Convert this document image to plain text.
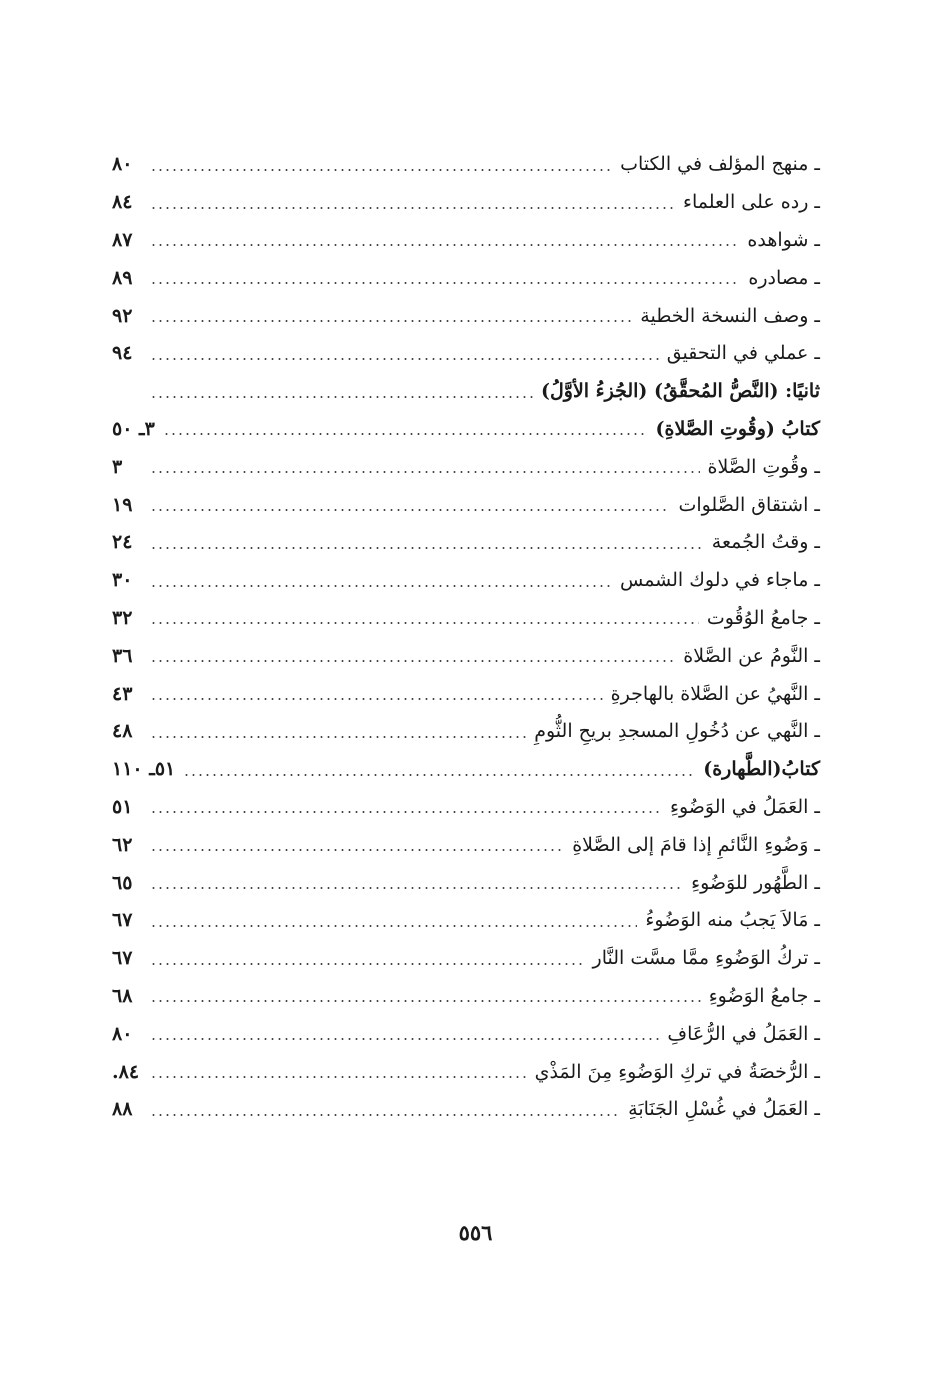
ـ منهج المؤلف في الكتاب
٨٠
ـ رده على العلماء
٨٤
ـ شواهده
٨٧
ـ مصادره
٨٩
ـ وصف النسخة الخطية
٩٢
ـ عملي في التحقيق
٩٤
ثانيًا: (النَّصُّ المُحقَّقُ) (الجُزءُ الأوَّلُ)
كتابُ (وقُوتِ الصَّلاةِ)
٣ـ ٥٠
ـ وقُوتِ الصَّلاة
٣
ـ اشتقاق الصَّلوات
١٩
ـ وقتُ الجُمعة
٢٤
ـ ماجاء في دلوك الشمس
٣٠
ـ جامعُ الوُقُوت
٣٢
ـ النَّومُ عن الصَّلاة
٣٦
ـ النَّهيُ عن الصَّلاة بالهاجرةِ
٤٣
ـ النَّهي عن دُخُولِ المسجدِ بريحِ الثُّومِ
٤٨
كتابُ(الطَّهارة)
٥١ـ ١١٠
ـ العَمَلُ في الوَضُوءِ
٥١
ـ وَضُوءِ النَّائمِ إذا قامَ إلى الصَّلاةِ
٦٢
ـ الطَّهُور للوَضُوءِ
٦٥
ـ مَالاَ يَجبُ منه الوَضُوءُ
٦٧
ـ تركُ الوَضُوءِ ممَّا مسَّت النَّار
٦٧
ـ جامعُ الوَضُوءِ
٦٨
ـ العَمَلُ في الرُّعَافِ
٨٠
ـ الرُّخصَةُ في تركِ الوَضُوءِ مِنَ المَذْي
٨٤.
ـ العَمَلُ في غُسْلِ الجَنَابَةِ
٨٨
٥٥٦
